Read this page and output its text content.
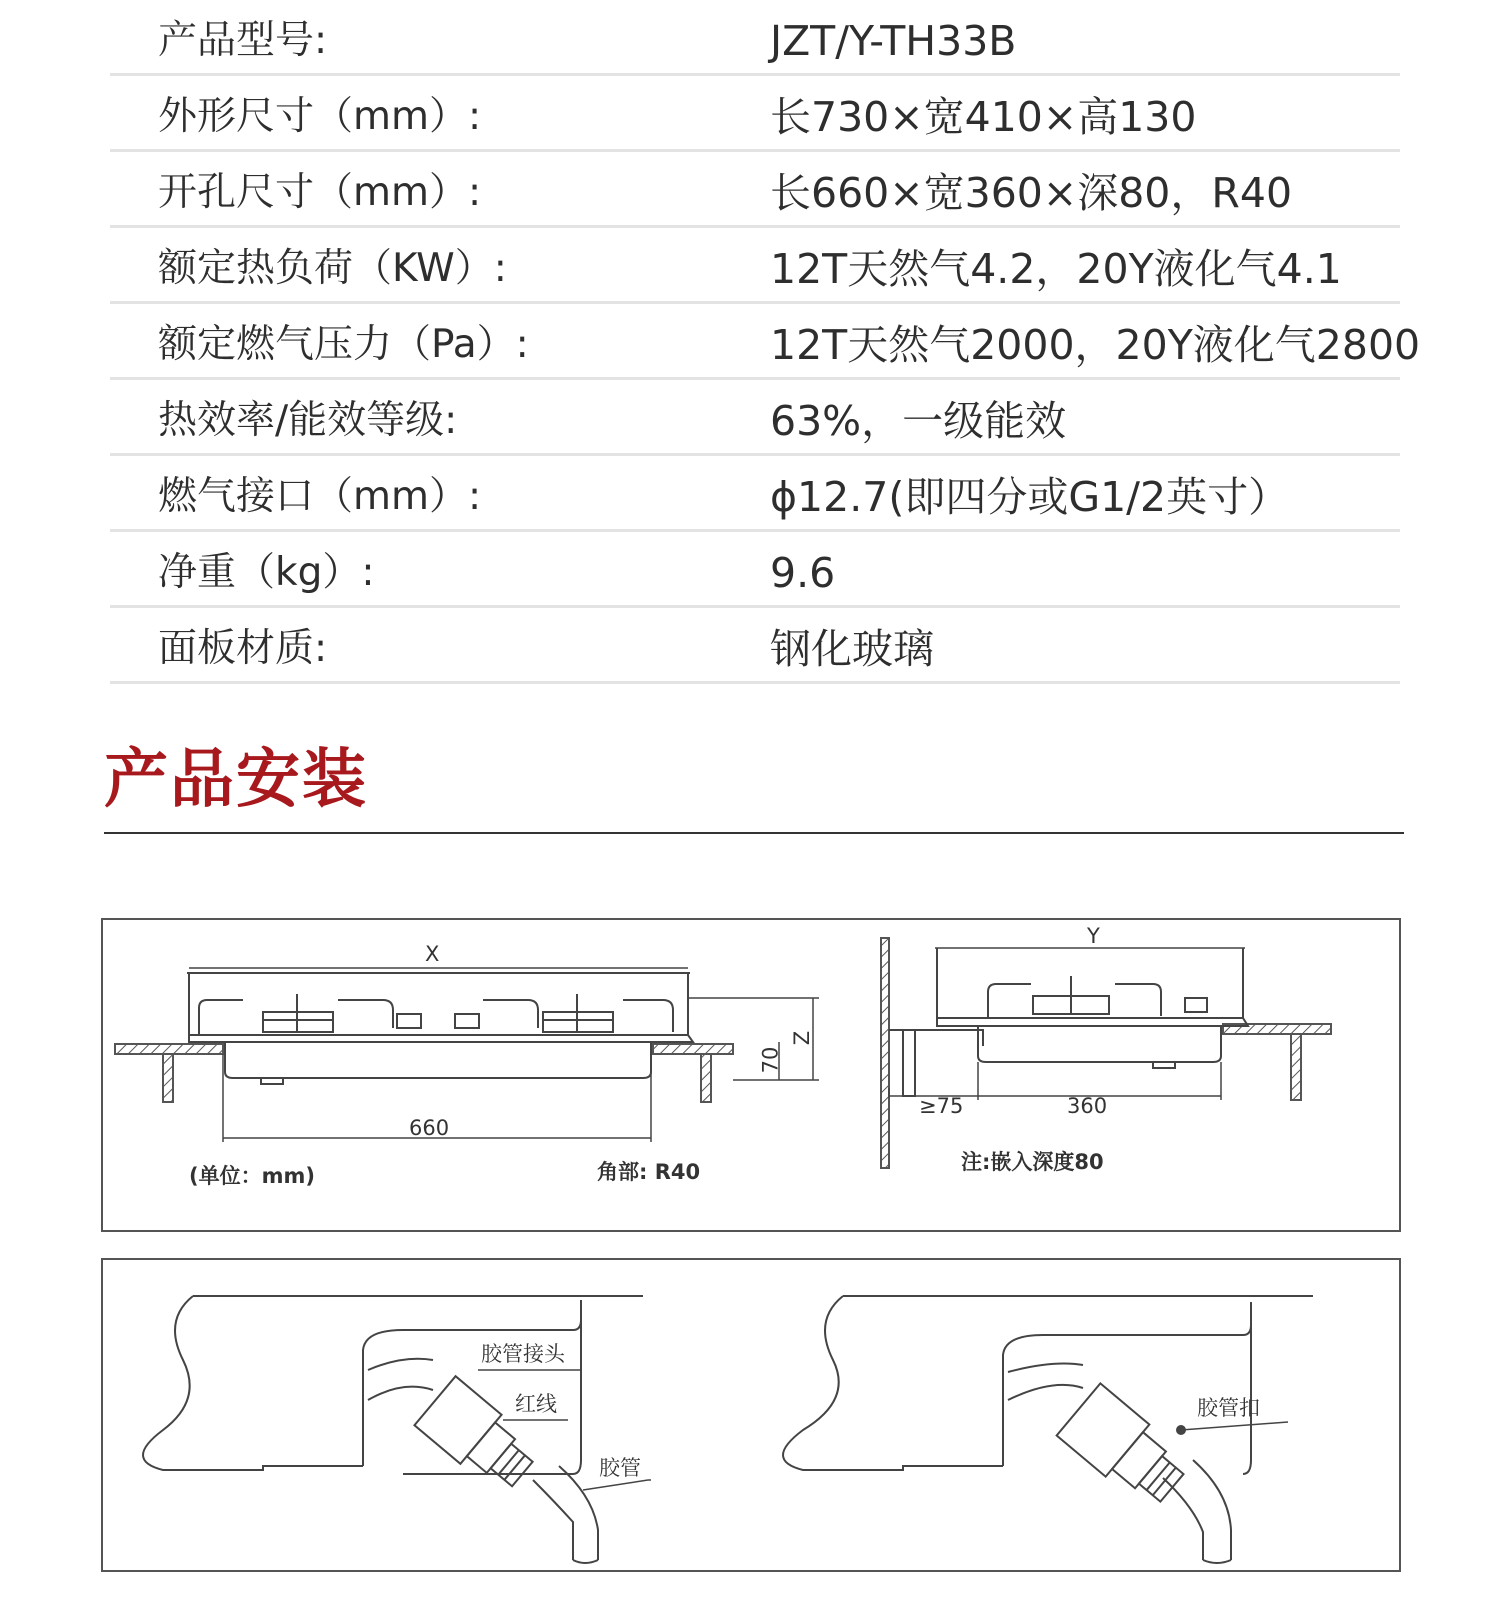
产品型号:	JZT/Y-TH33B
外形尺寸（mm）:	长730×宽410×高130
开孔尺寸（mm）:	长660×宽360×深80，R40
额定热负荷（KW）:	12T天然气4.2，20Y液化气4.1
额定燃气压力（Pa）:	12T天然气2000，20Y液化气2800
热效率/能效等级:	63%，一级能效
燃气接口（mm）:	ϕ12.7(即四分或G1/2英寸）
净重（kg）:	9.6
面板材质:	钢化玻璃
产品安装
X
660
70
Z
(单位：mm)	角部: R40
Y
≥75	360
注:嵌入深度80
胶管接头
红线
胶管
胶管扣
